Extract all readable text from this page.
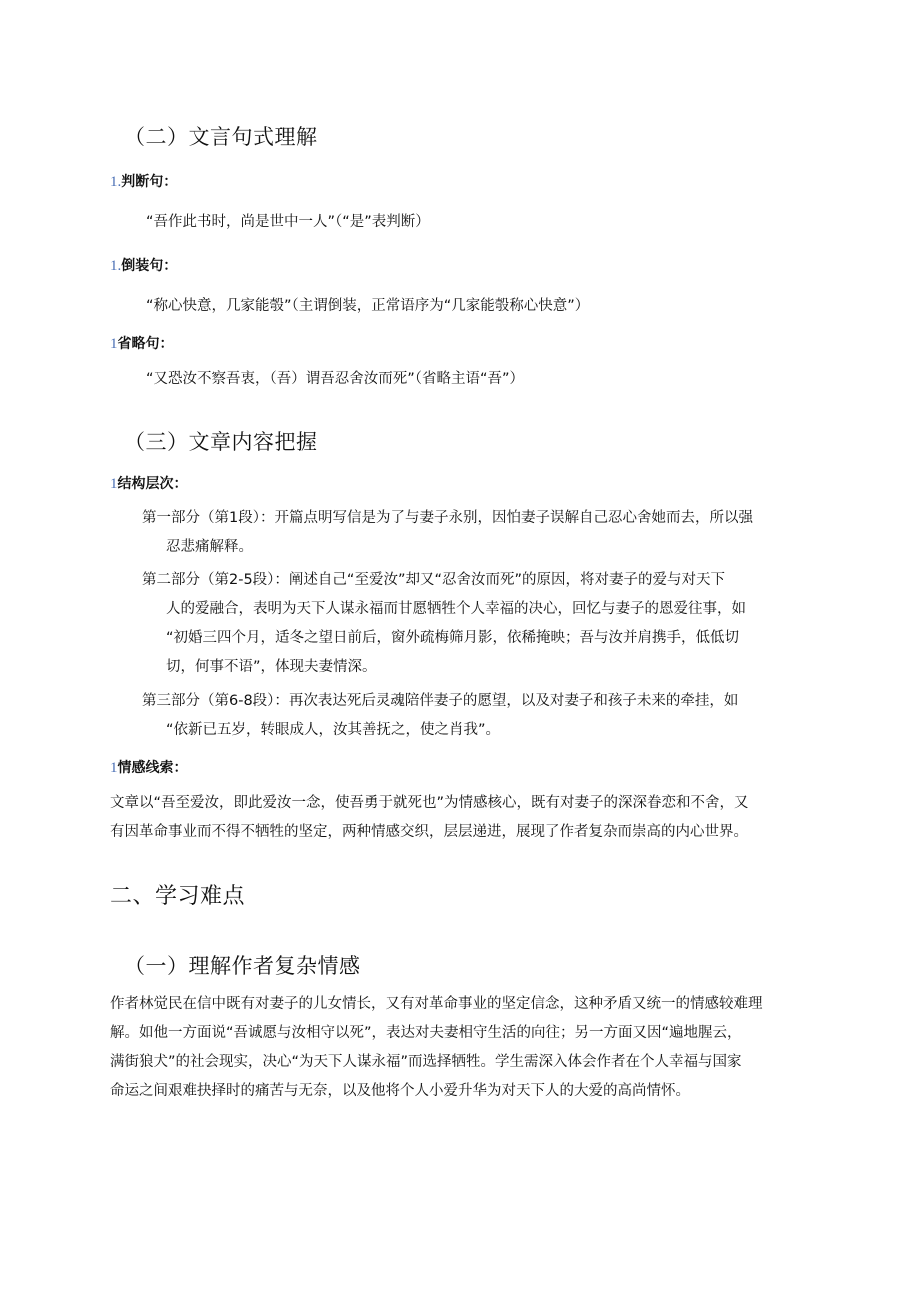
（二）文言句式理解
1.判断句：
“吾作此书时，尚是世中一人”（“是”表判断）
1.倒装句：
“称心快意，几家能彀”（主谓倒装，正常语序为“几家能彀称心快意”）
1省略句：
“又恐汝不察吾衷，（吾）谓吾忍舍汝而死”（省略主语“吾”）
（三）文章内容把握
1结构层次：
第一部分（第1段）：开篇点明写信是为了与妻子永别，因怕妻子误解自己忍心舍她而去，所以强
忍悲痛解释。
第二部分（第2-5段）：阐述自己“至爱汝”却又“忍舍汝而死”的原因，将对妻子的爱与对天下
人的爱融合，表明为天下人谋永福而甘愿牺牲个人幸福的决心，回忆与妻子的恩爱往事，如
“初婚三四个月，适冬之望日前后，窗外疏梅筛月影，依稀掩映；吾与汝并肩携手，低低切
切，何事不语”，体现夫妻情深。
第三部分（第6-8段）：再次表达死后灵魂陪伴妻子的愿望，以及对妻子和孩子未来的牵挂，如
“依新已五岁，转眼成人，汝其善抚之，使之肖我”。
1情感线索：
文章以“吾至爱汝，即此爱汝一念，使吾勇于就死也”为情感核心，既有对妻子的深深眷恋和不舍，又
有因革命事业而不得不牺牲的坚定，两种情感交织，层层递进，展现了作者复杂而崇高的内心世界。
二、学习难点
（一）理解作者复杂情感
作者林觉民在信中既有对妻子的儿女情长，又有对革命事业的坚定信念，这种矛盾又统一的情感较难理
解。如他一方面说“吾诚愿与汝相守以死”，表达对夫妻相守生活的向往；另一方面又因“遍地腥云，
满街狼犬”的社会现实，决心“为天下人谋永福”而选择牺牲。学生需深入体会作者在个人幸福与国家
命运之间艰难抉择时的痛苦与无奈，以及他将个人小爱升华为对天下人的大爱的高尚情怀。
